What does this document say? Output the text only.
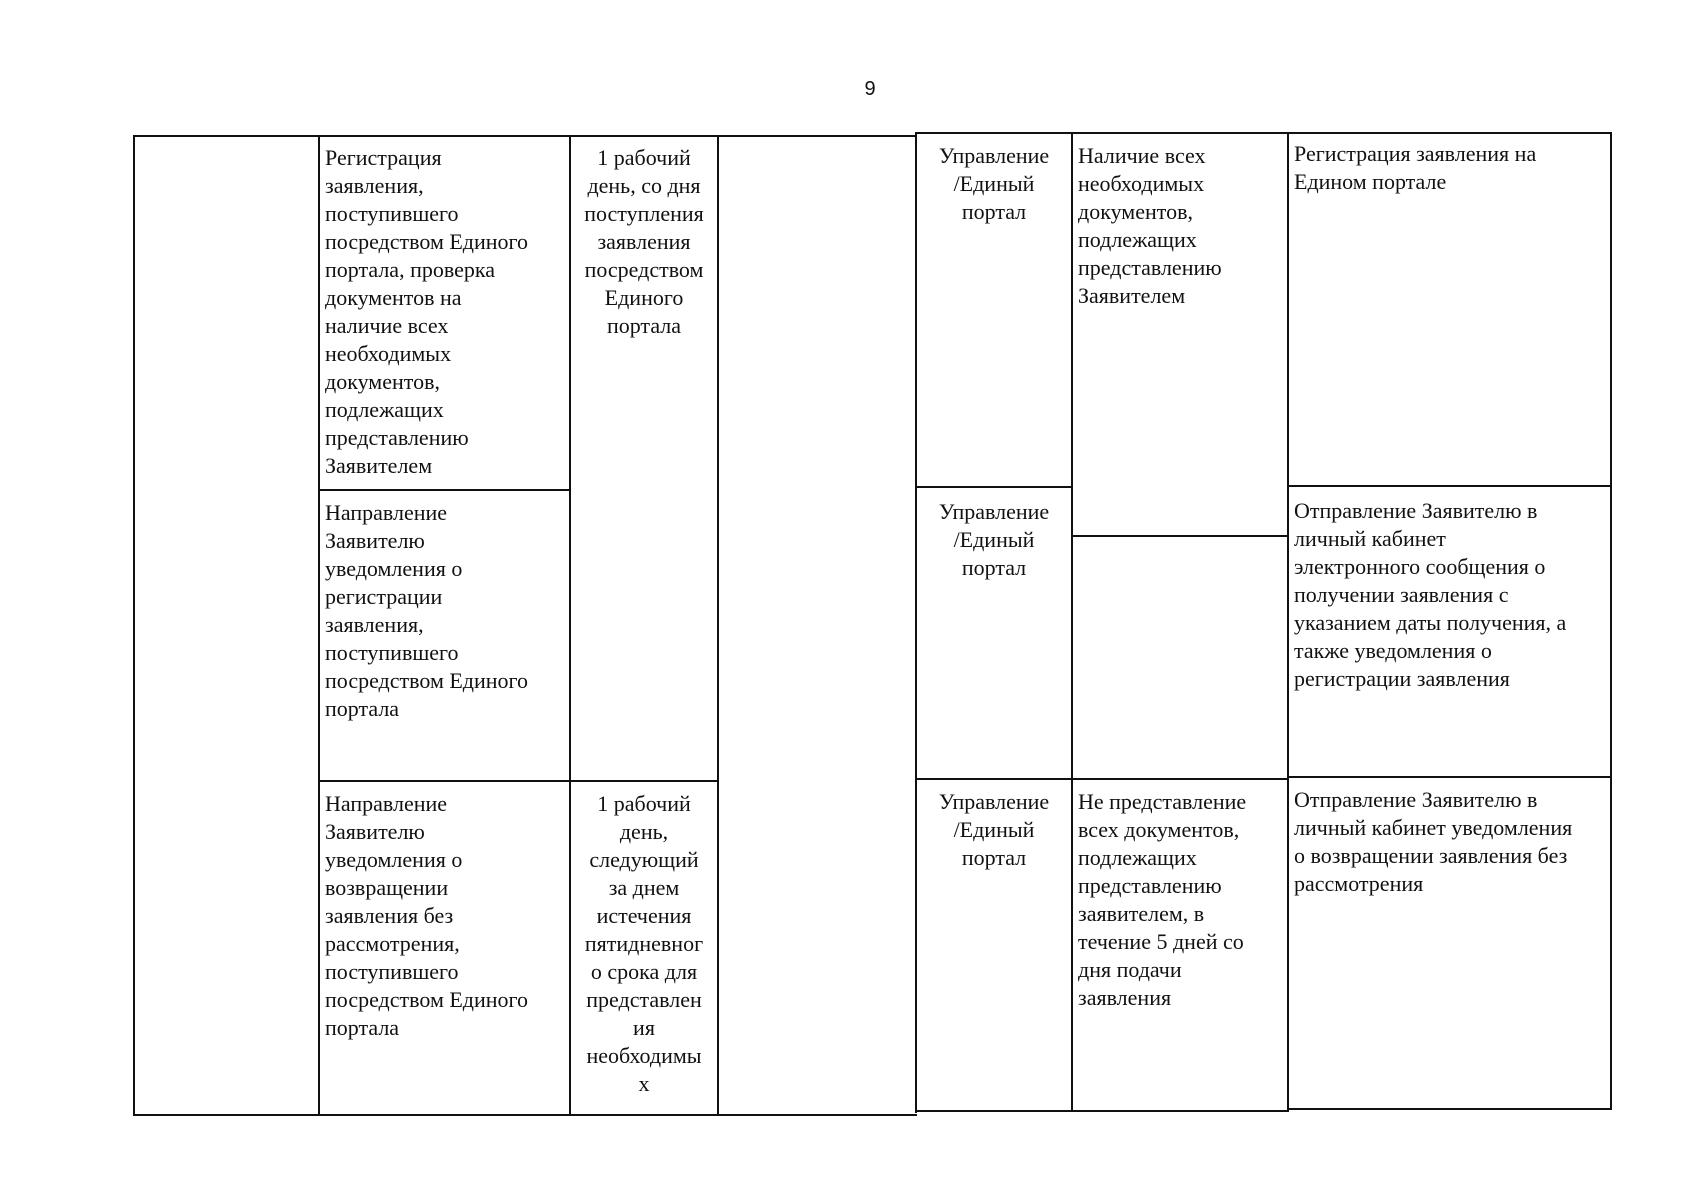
9
Регистрация
заявления,
поступившего
посредством Единого
портала, проверка
документов на
наличие всех
необходимых
документов,
подлежащих
представлению
Заявителем
1 рабочий
день, со дня
поступления
заявления
посредством
Единого
портала
Управление
/Единый
портал
Наличие всех
необходимых
документов,
подлежащих
представлению
Заявителем
Регистрация заявления на
Едином портале
Направление
Заявителю
уведомления о
регистрации
заявления,
поступившего
посредством Единого
портала
Управление
/Единый
портал
Отправление Заявителю в
личный кабинет
электронного сообщения о
получении заявления с
указанием даты получения, а
также уведомления о
регистрации заявления
Направление
Заявителю
уведомления о
возвращении
заявления без
рассмотрения,
поступившего
посредством Единого
портала
1 рабочий
день,
следующий
за днем
истечения
пятидневног
о срока для
представлен
ия
необходимы
х
Управление
/Единый
портал
Не представление
всех документов,
подлежащих
представлению
заявителем, в
течение 5 дней со
дня подачи
заявления
Отправление Заявителю в
личный кабинет уведомления
о возвращении заявления без
рассмотрения
